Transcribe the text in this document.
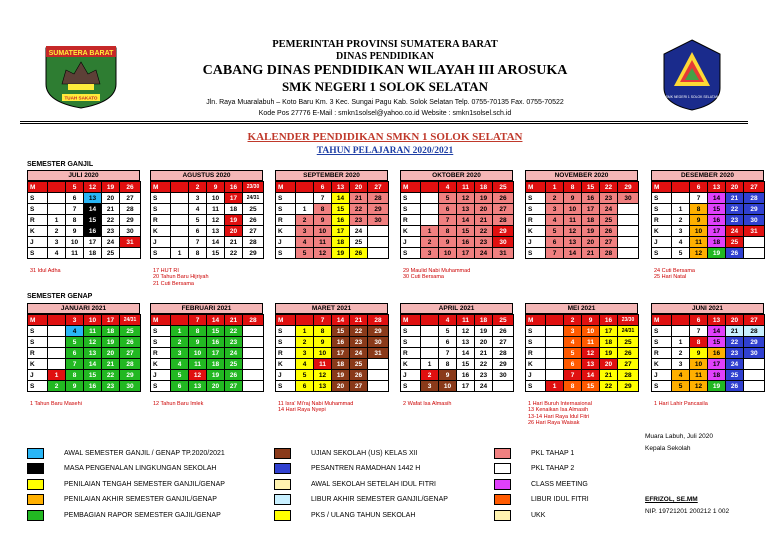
SUMATERA BARAT
TUAH SAKATO
PEMERINTAH PROVINSI SUMATERA BARAT
DINAS PENDIDIKAN
CABANG DINAS PENDIDIKAN WILAYAH III AROSUKA
SMK NEGERI 1 SOLOK SELATAN
Jln. Raya Muaralabuh – Koto Baru Km. 3 Kec. Sungai Pagu Kab. Solok Selatan Telp. 0755-70135 Fax. 0755-70522
Kode Pos 27776 E-Mail : smkn1solsel@yahoo.co.id Website : smkn1solsel.sch.id
SMK NEGERI 1 SOLOK SELATAN
KALENDER PENDIDIKAN SMKN 1 SOLOK SELATAN
TAHUN PELAJARAN 2020/2021
SEMESTER GANJIL
SEMESTER GENAP
JULI 2020
M		5	12	19	26
S		6	13	20	27
S		7	14	21	28
R	1	8	15	22	29
K	2	9	16	23	30
J	3	10	17	24	31
S	4	11	18	25	
31 Idul Adha
AGUSTUS 2020
M		2	9	16	23/30
S		3	10	17	24/31
S		4	11	18	25
R		5	12	19	26
K		6	13	20	27
J		7	14	21	28
S	1	8	15	22	29
17 HUT RI
20 Tahun Baru Hijriyah
21 Cuti Bersama
SEPTEMBER 2020
M		6	13	20	27
S		7	14	21	28
S	1	8	15	22	29
R	2	9	16	23	30
K	3	10	17	24	
J	4	11	18	25	
S	5	12	19	26	
OKTOBER 2020
M		4	11	18	25
S		5	12	19	26
S		6	13	20	27
R		7	14	21	28
K	1	8	15	22	29
J	2	9	16	23	30
S	3	10	17	24	31
29 Maulid Nabi Muhammad
30 Cuti Bersama
NOVEMBER 2020
M	1	8	15	22	29
S	2	9	16	23	30
S	3	10	17	24	
R	4	11	18	25	
K	5	12	19	26	
J	6	13	20	27	
S	7	14	21	28	
DESEMBER 2020
M		6	13	20	27
S		7	14	21	28
S	1	8	15	22	29
R	2	9	16	23	30
K	3	10	17	24	31
J	4	11	18	25	
S	5	12	19	26	
24 Cuti Bersama
25 Hari Natal
JANUARI 2021
M		3	10	17	24/31
S		4	11	18	25
S		5	12	19	26
R		6	13	20	27
K		7	14	21	28
J	1	8	15	22	29
S	2	9	16	23	30
1 Tahun Baru Masehi
FEBRUARI 2021
M		7	14	21	28
S	1	8	15	22	
S	2	9	16	23	
R	3	10	17	24	
K	4	11	18	25	
J	5	12	19	26	
S	6	13	20	27	
12 Tahun Baru Imlek
MARET 2021
M		7	14	21	28
S	1	8	15	22	29
S	2	9	16	23	30
R	3	10	17	24	31
K	4	11	18	25	
J	5	12	19	26	
S	6	13	20	27	
11 Isra' Mi'raj Nabi Muhammad
14 Hari Raya Nyepi
APRIL 2021
M		4	11	18	25
S		5	12	19	26
S		6	13	20	27
R		7	14	21	28
K	1	8	15	22	29
J	2	9	16	23	30
S	3	10	17	24	
2 Wafat Isa Almasih
MEI 2021
M		2	9	16	23/30
S		3	10	17	24/31
S		4	11	18	25
R		5	12	19	26
K		6	13	20	27
J		7	14	21	28
S	1	8	15	22	29
1 Hari Buruh Internasional
13 Kenaikan Isa Almasih
13-14 Hari Raya Idul Fitri
26 Hari Raya Waisak
JUNI 2021
M		6	13	20	27
S		7	14	21	28
S	1	8	15	22	29
R	2	9	16	23	30
K	3	10	17	24	
J	4	11	18	25	
S	5	12	19	26	
1 Hari Lahir Pancasila
AWAL SEMESTER GANJIL / GENAP TP.2020/2021
MASA PENGENALAN LINGKUNGAN SEKOLAH
PENILAIAN TENGAH SEMESTER GANJIL/GENAP
PENILAIAN AKHIR SEMESTER GANJIL/GENAP
PEMBAGIAN RAPOR SEMESTER GAJIL/GENAP
UJIAN SEKOLAH (US) KELAS XII
PESANTREN RAMADHAN 1442 H
AWAL SEKOLAH SETELAH IDUL FITRI
LIBUR AKHIR SEMESTER GANJIL/GENAP
PKS / ULANG TAHUN SEKOLAH
PKL TAHAP 1
PKL TAHAP 2
CLASS MEETING
LIBUR IDUL FITRI
UKK
Muara Labuh, Juli 2020
Kepala Sekolah
EFRIZOL, SE.MM
NIP. 19721201 200212 1 002
